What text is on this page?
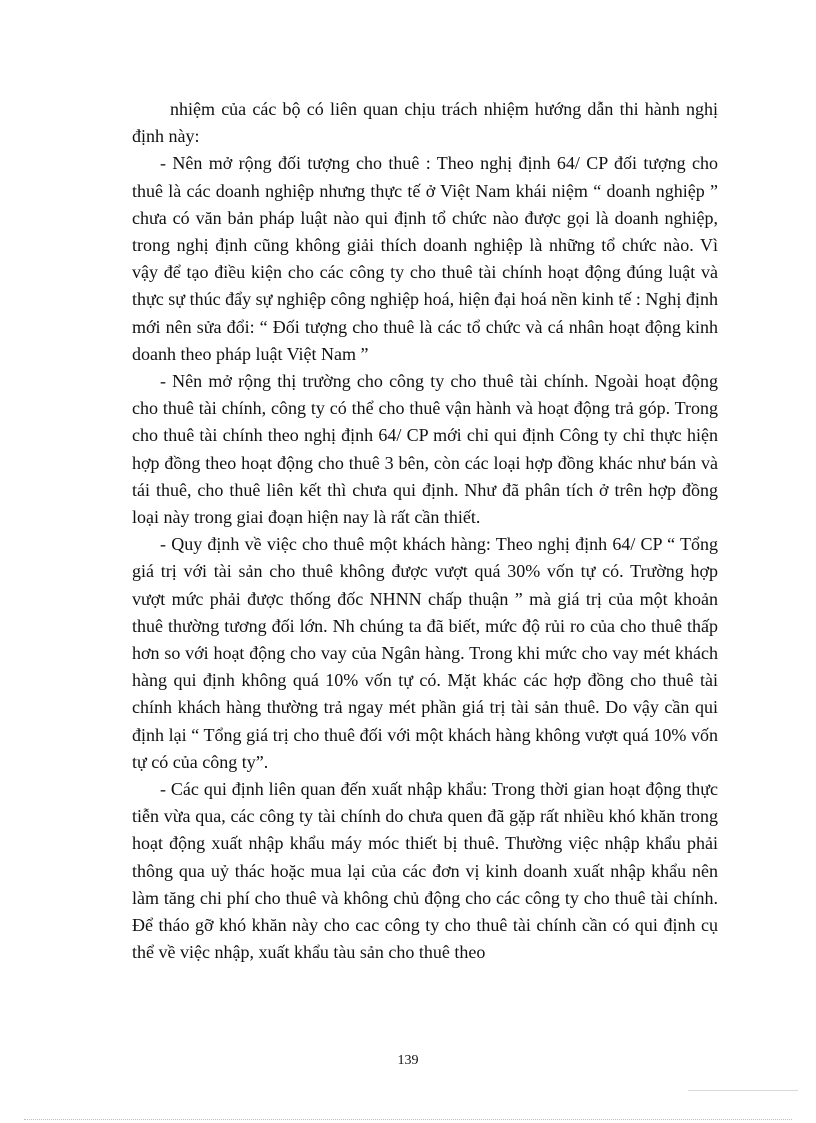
nhiệm của các bộ có liên quan chịu trách nhiệm hướng dẫn thi hành nghị định này:

- Nên mở rộng đối tượng cho thuê : Theo nghị định 64/ CP đối tượng cho thuê là các doanh nghiệp nhưng thực tế ở Việt Nam khái niệm “ doanh nghiệp ” chưa có văn bản pháp luật nào qui định tổ chức nào được gọi là doanh nghiệp, trong nghị định cũng không giải thích doanh nghiệp là những tổ chức nào. Vì vậy để tạo điều kiện cho các công ty cho thuê tài chính hoạt động đúng luật và thực sự thúc đẩy sự nghiệp công nghiệp hoá, hiện đại hoá nền kinh tế : Nghị định mới nên sửa đổi: “ Đối tượng cho thuê là các tổ chức và cá nhân hoạt động kinh doanh theo pháp luật Việt Nam ”

- Nên mở rộng thị trường cho công ty cho thuê tài chính. Ngoài hoạt động cho thuê tài chính, công ty có thể cho thuê vận hành và hoạt động trả góp. Trong cho thuê tài chính theo nghị định 64/ CP mới chỉ qui định Công ty chỉ thực hiện hợp đồng theo hoạt động cho thuê 3 bên, còn các loại hợp đồng khác như bán và tái thuê, cho thuê liên kết thì chưa qui định. Như đã phân tích ở trên hợp đồng loại này trong giai đoạn hiện nay là rất cần thiết.

- Quy định về việc cho thuê một khách hàng: Theo nghị định 64/ CP “ Tổng giá trị với tài sản cho thuê không được vượt quá 30% vốn tự có. Trường hợp vượt mức phải được thống đốc NHNN chấp thuận ” mà giá trị của một khoản thuê thường tương đối lớn. Nh chúng ta đã biết, mức độ rủi ro của cho thuê thấp hơn so với hoạt động cho vay của Ngân hàng. Trong khi mức cho vay mét khách hàng qui định không quá 10% vốn tự có. Mặt khác các hợp đồng cho thuê tài chính khách hàng thường trả ngay mét phần giá trị tài sản thuê. Do vậy cần qui định lại “ Tổng giá trị cho thuê đối với một khách hàng không vượt quá 10% vốn tự có của công ty”.

- Các qui định liên quan đến xuất nhập khẩu: Trong thời gian hoạt động thực tiễn vừa qua, các công ty tài chính do chưa quen đã gặp rất nhiều khó khăn trong hoạt động xuất nhập khẩu máy móc thiết bị thuê. Thường việc nhập khẩu phải thông qua uỷ thác hoặc mua lại của các đơn vị kinh doanh xuất nhập khẩu nên làm tăng chi phí cho thuê và không chủ động cho các công ty cho thuê tài chính. Để tháo gỡ khó khăn này cho cac công ty cho thuê tài chính cần có qui định cụ thể về việc nhập, xuất khẩu tàu sản cho thuê theo

139
